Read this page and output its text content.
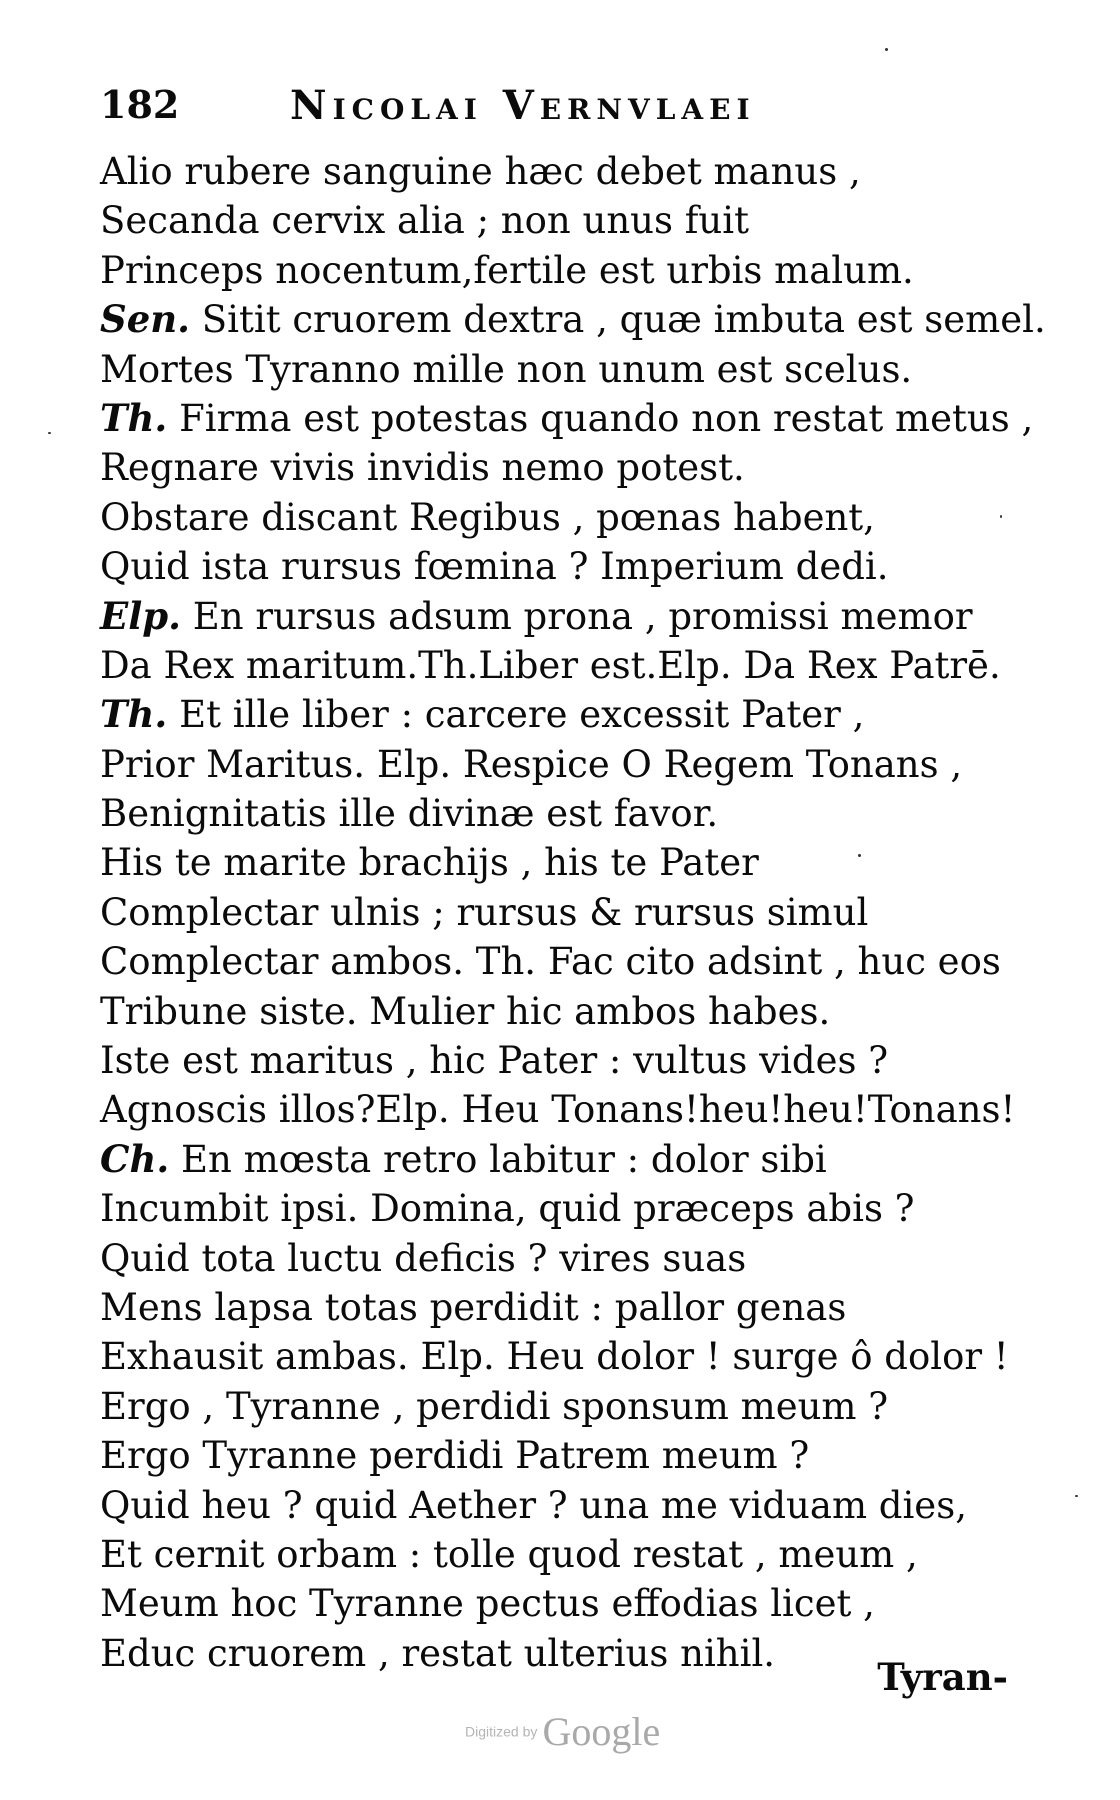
182	Nicolai Vernvlaei
Alio rubere sanguine hæc debet manus ,
Secanda cervix alia ; non unus fuit
Princeps nocentum,fertile est urbis malum.
Sen. Sitit cruorem dextra , quæ imbuta est semel.
Mortes Tyranno mille non unum est scelus.
Th. Firma est potestas quando non restat metus ,
Regnare vivis invidis nemo potest.
Obstare discant Regibus , pœnas habent,
Quid ista rursus fœmina ? Imperium dedi.
Elp. En rursus adsum prona , promissi memor
Da Rex maritum.Th.Liber est.Elp. Da Rex Patrē.
Th. Et ille liber : carcere excessit Pater ,
Prior Maritus. Elp. Respice O Regem Tonans ,
Benignitatis ille divinæ est favor.
His te marite brachijs , his te Pater
Complectar ulnis ; rursus & rursus simul
Complectar ambos. Th. Fac cito adsint , huc eos
Tribune siste. Mulier hic ambos habes.
Iste est maritus , hic Pater : vultus vides ?
Agnoscis illos?Elp. Heu Tonans!heu!heu!Tonans!
Ch. En mœsta retro labitur : dolor sibi
Incumbit ipsi. Domina, quid præceps abis ?
Quid tota luctu deficis ? vires suas
Mens lapsa totas perdidit : pallor genas
Exhausit ambas. Elp. Heu dolor ! surge ô dolor !
Ergo , Tyranne , perdidi sponsum meum ?
Ergo Tyranne perdidi Patrem meum ?
Quid heu ? quid Aether ? una me viduam dies,
Et cernit orbam : tolle quod restat , meum ,
Meum hoc Tyranne pectus effodias licet ,
Educ cruorem , restat ulterius nihil.
Tyran-
Digitized by Google
